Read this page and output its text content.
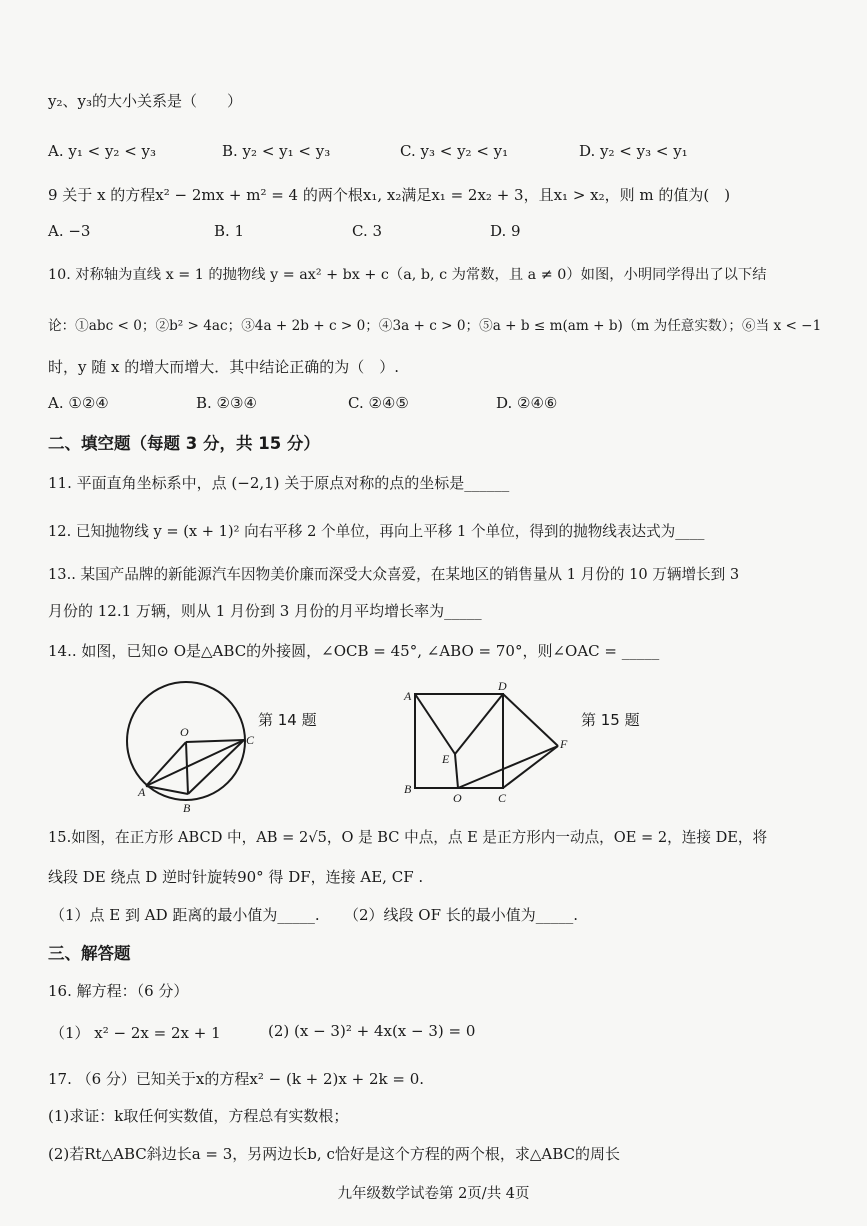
y₂、y₃的大小关系是（　　）
A. y₁ < y₂ < y₃	B. y₂ < y₁ < y₃	C. y₃ < y₂ < y₁	D. y₂ < y₃ < y₁
9 关于 x 的方程x² − 2mx + m² = 4 的两个根x₁, x₂满足x₁ = 2x₂ + 3，且x₁ > x₂，则 m 的值为(　)
A. −3	B. 1	C. 3	D. 9
10. 对称轴为直线 x = 1 的抛物线 y = ax² + bx + c（a, b, c 为常数，且 a ≠ 0）如图，小明同学得出了以下结
论：①abc < 0；②b² > 4ac；③4a + 2b + c > 0；④3a + c > 0；⑤a + b ≤ m(am + b)（m 为任意实数）；⑥当 x < −1
时，y 随 x 的增大而增大．其中结论正确的为（　）.
A. ①②④	B. ②③④	C. ②④⑤	D. ②④⑥
二、填空题（每题 3 分，共 15 分）
11. 平面直角坐标系中，点 (−2,1) 关于原点对称的点的坐标是______
12. 已知抛物线 y = (x + 1)² 向右平移 2 个单位，再向上平移 1 个单位，得到的抛物线表达式为____
13.. 某国产品牌的新能源汽车因物美价廉而深受大众喜爱，在某地区的销售量从 1 月份的 10 万辆增长到 3
月份的 12.1 万辆，则从 1 月份到 3 月份的月平均增长率为_____
14.. 如图，已知⊙ O是△ABC的外接圆，∠OCB = 45°, ∠ABO = 70°，则∠OAC = _____
O
C
A
B
第 14 题
A
D
E
F
B
O	C
第 15 题
15.如图，在正方形 ABCD 中，AB = 2√5，O 是 BC 中点，点 E 是正方形内一动点，OE = 2，连接 DE，将
线段 DE 绕点 D 逆时针旋转90° 得 DF，连接 AE, CF .
（1）点 E 到 AD 距离的最小值为_____. （2）线段 OF 长的最小值为_____.
三、解答题
16. 解方程：（6 分）
（1） x² − 2x = 2x + 1	(2) (x − 3)² + 4x(x − 3) = 0
17. （6 分）已知关于x的方程x² − (k + 2)x + 2k = 0.
(1)求证：k取任何实数值，方程总有实数根；
(2)若Rt△ABC斜边长a = 3，另两边长b, c恰好是这个方程的两个根，求△ABC的周长
九年级数学试卷第 2页/共 4页
